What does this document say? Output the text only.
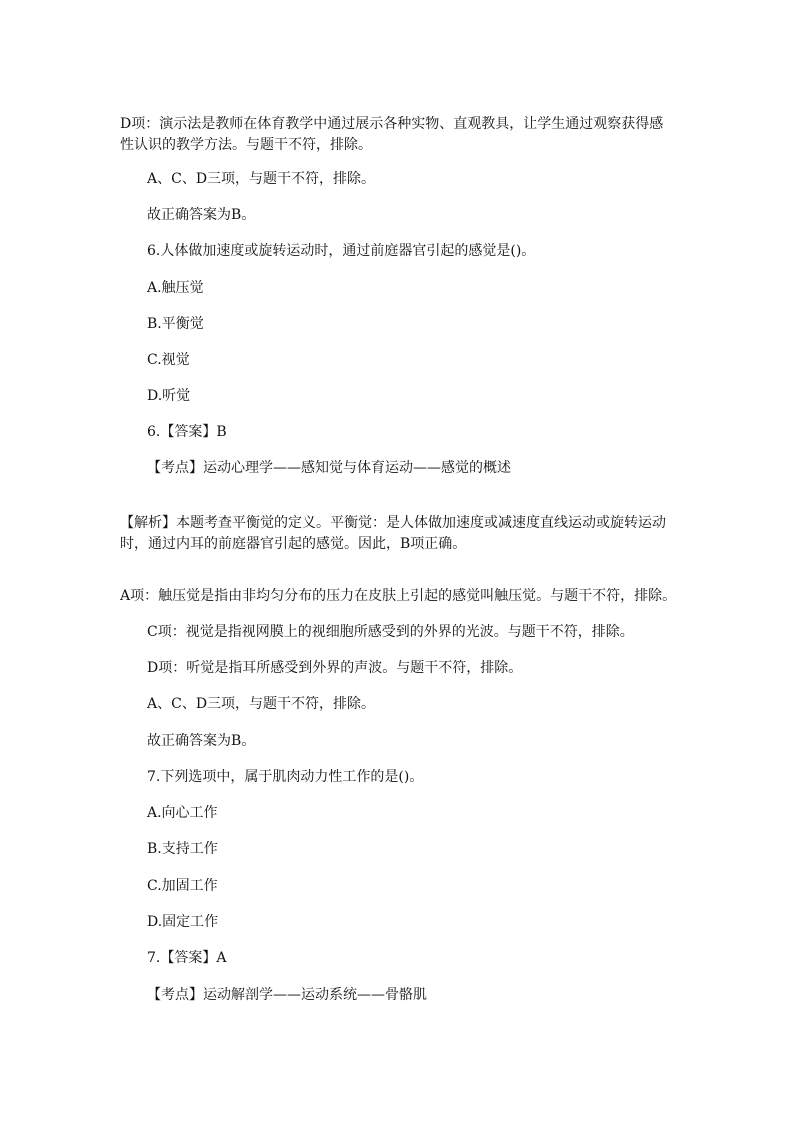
D项：演示法是教师在体育教学中通过展示各种实物、直观教具，让学生通过观察获得感性认识的教学方法。与题干不符，排除。

A、C、D三项，与题干不符，排除。

故正确答案为B。

6.人体做加速度或旋转运动时，通过前庭器官引起的感觉是()。

A.触压觉

B.平衡觉

C.视觉

D.听觉

6.【答案】B

【考点】运动心理学——感知觉与体育运动——感觉的概述

【解析】本题考查平衡觉的定义。平衡觉：是人体做加速度或减速度直线运动或旋转运动时，通过内耳的前庭器官引起的感觉。因此，B项正确。

A项：触压觉是指由非均匀分布的压力在皮肤上引起的感觉叫触压觉。与题干不符，排除。

C项：视觉是指视网膜上的视细胞所感受到的外界的光波。与题干不符，排除。

D项：听觉是指耳所感受到外界的声波。与题干不符，排除。

A、C、D三项，与题干不符，排除。

故正确答案为B。

7.下列选项中，属于肌肉动力性工作的是()。

A.向心工作

B.支持工作

C.加固工作

D.固定工作

7.【答案】A

【考点】运动解剖学——运动系统——骨骼肌
